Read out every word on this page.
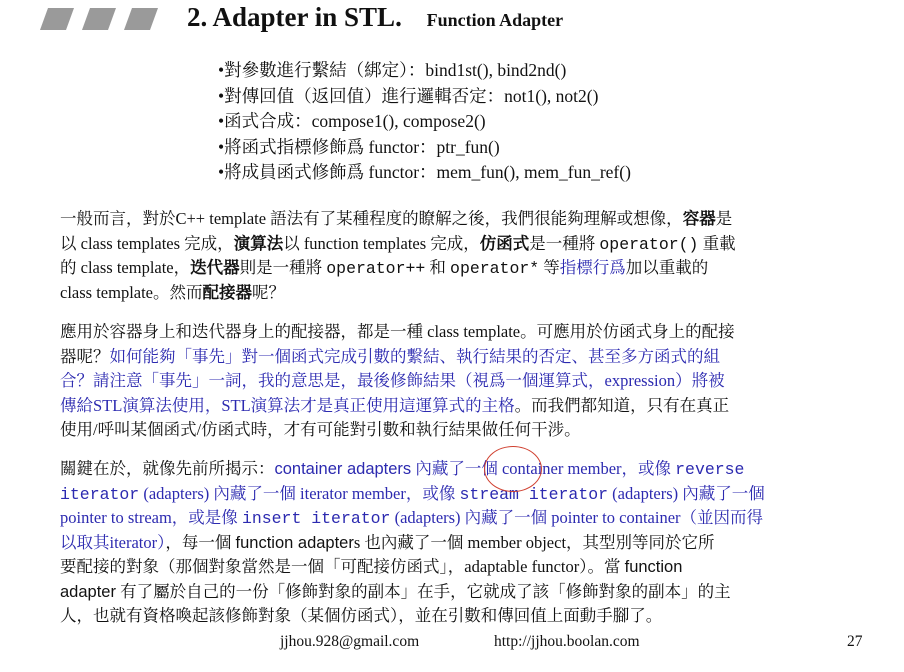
2. Adapter in STL. Function Adapter
•對參數進行繫結（綁定）：bind1st(), bind2nd()
•對傳回值（返回值）進行邏輯否定：not1(), not2()
•函式合成：compose1(), compose2()
•將函式指標修飾爲 functor：ptr_fun()
•將成員函式修飾爲 functor：mem_fun(), mem_fun_ref()
一般而言，對於C++ template 語法有了某種程度的瞭解之後，我們很能夠理解或想像，容器是
以 class templates 完成，演算法以 function templates 完成，仿函式是一種將 operator() 重載
的 class template，迭代器則是一種將 operator++ 和 operator* 等指標行爲加以重載的
class template。然而配接器呢？
應用於容器身上和迭代器身上的配接器，都是一種 class template。可應用於仿函式身上的配接
器呢？如何能夠「事先」對一個函式完成引數的繫結、執行結果的否定、甚至多方函式的組
合？請注意「事先」一詞，我的意思是，最後修飾結果（視爲一個運算式，expression）將被
傳給STL演算法使用，STL演算法才是真正使用這運算式的主格。而我們都知道，只有在真正
使用/呼叫某個函式/仿函式時，才有可能對引數和執行結果做任何干涉。
關鍵在於，就像先前所揭示：container adapters 內藏了一個 container member，或像 reverse
iterator (adapters) 內藏了一個 iterator member，或像 stream iterator (adapters) 內藏了一個
pointer to stream，或是像 insert iterator (adapters) 內藏了一個 pointer to container（並因而得
以取其iterator），每一個 function adapters 也內藏了一個 member object，其型別等同於它所
要配接的對象（那個對象當然是一個「可配接仿函式」，adaptable functor）。當 function
adapter 有了屬於自己的一份「修飾對象的副本」在手，它就成了該「修飾對象的副本」的主
人，也就有資格喚起該修飾對象（某個仿函式），並在引數和傳回值上面動手腳了。
jjhou.928@gmail.com	http://jjhou.boolan.com	27
